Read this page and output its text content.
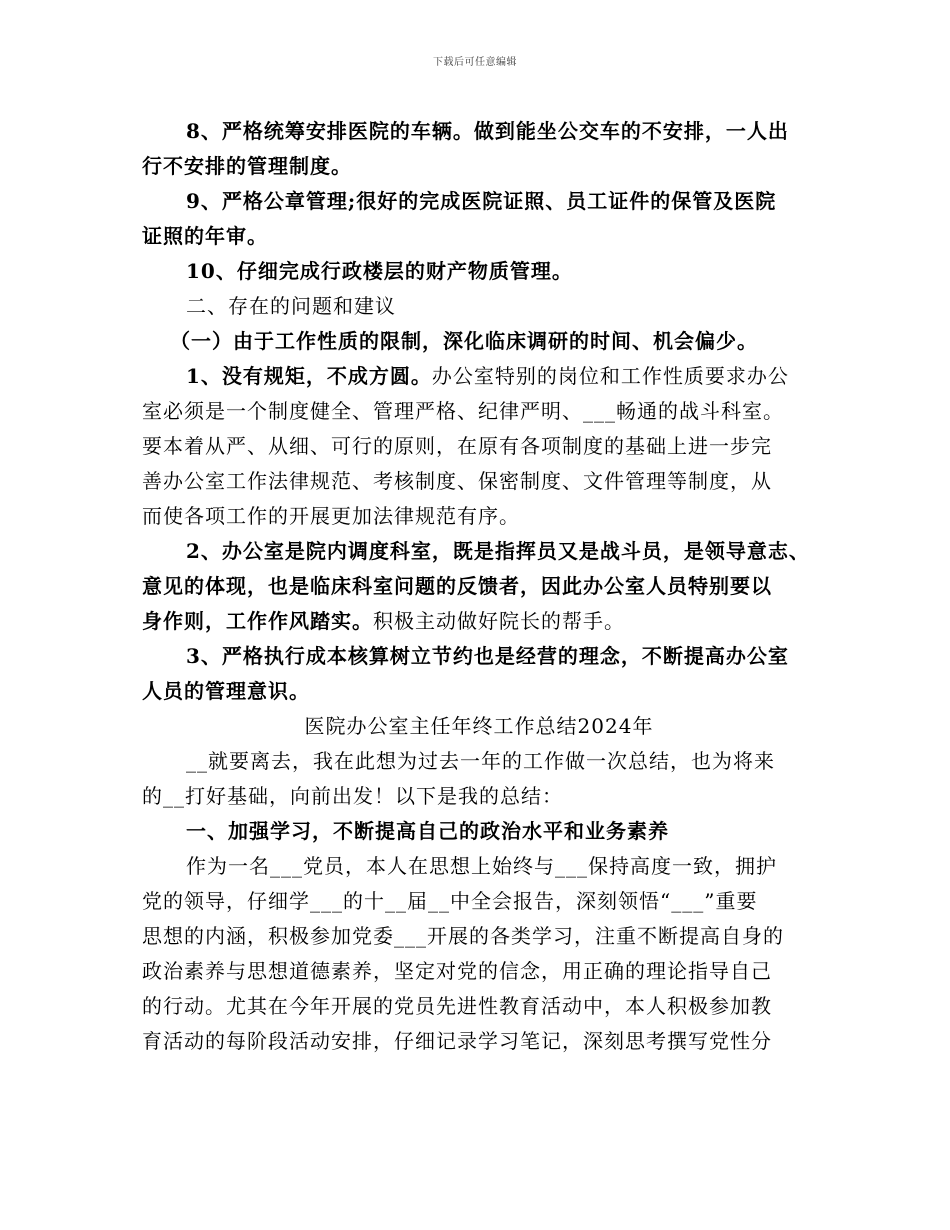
下载后可任意编辑
8、严格统筹安排医院的车辆。做到能坐公交车的不安排，一人出
行不安排的管理制度。
9、严格公章管理;很好的完成医院证照、员工证件的保管及医院
证照的年审。
10、仔细完成行政楼层的财产物质管理。
二、存在的问题和建议
（一）由于工作性质的限制，深化临床调研的时间、机会偏少。
1、没有规矩，不成方圆。办公室特别的岗位和工作性质要求办公
室必须是一个制度健全、管理严格、纪律严明、___畅通的战斗科室。
要本着从严、从细、可行的原则，在原有各项制度的基础上进一步完
善办公室工作法律规范、考核制度、保密制度、文件管理等制度，从
而使各项工作的开展更加法律规范有序。
2、办公室是院内调度科室，既是指挥员又是战斗员，是领导意志、
意见的体现，也是临床科室问题的反馈者，因此办公室人员特别要以
身作则，工作作风踏实。积极主动做好院长的帮手。
3、严格执行成本核算树立节约也是经营的理念，不断提高办公室
人员的管理意识。
医院办公室主任年终工作总结2024年
__就要离去，我在此想为过去一年的工作做一次总结，也为将来
的__打好基础，向前出发！以下是我的总结：
一、加强学习，不断提高自己的政治水平和业务素养
作为一名___党员，本人在思想上始终与___保持高度一致，拥护
党的领导，仔细学___的十__届__中全会报告，深刻领悟“___”重要
思想的内涵，积极参加党委___开展的各类学习，注重不断提高自身的
政治素养与思想道德素养，坚定对党的信念，用正确的理论指导自己
的行动。尤其在今年开展的党员先进性教育活动中，本人积极参加教
育活动的每阶段活动安排，仔细记录学习笔记，深刻思考撰写党性分
